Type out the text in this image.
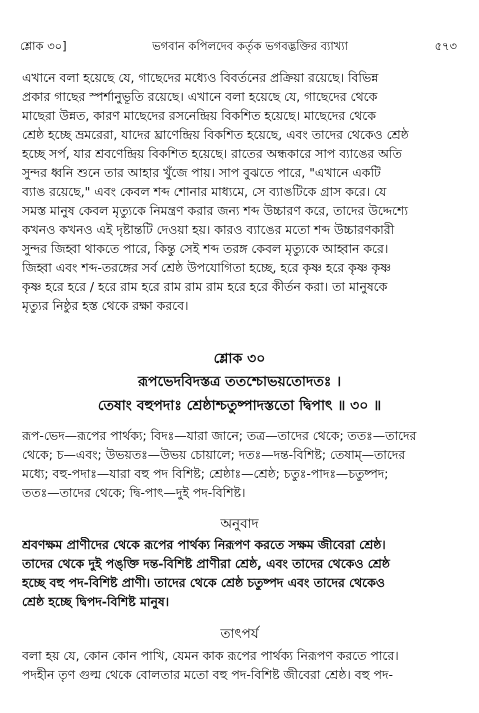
শ্লোক ৩০]	ভগবান কপিলদেব কর্তৃক ভগবদ্ভক্তির ব্যাখ্যা	৫৭৩
এখানে বলা হয়েছে যে, গাছেদের মধ্যেও বিবর্তনের প্রক্রিয়া রয়েছে। বিভিন্ন
প্রকার গাছের স্পর্শানুভূতি রয়েছে। এখানে বলা হয়েছে যে, গাছেদের থেকে
মাছেরা উন্নত, কারণ মাছেদের রসনেন্দ্রিয় বিকশিত হয়েছে। মাছেদের থেকে
শ্রেষ্ঠ হচ্ছে ভ্রমরেরা, যাদের ঘ্রাণেন্দ্রিয় বিকশিত হয়েছে, এবং তাদের থেকেও শ্রেষ্ঠ
হচ্ছে সর্প, যার শ্রবণেন্দ্রিয় বিকশিত হয়েছে। রাতের অন্ধকারে সাপ ব্যাঙের অতি
সুন্দর ধ্বনি শুনে তার আহার খুঁজে পায়। সাপ বুঝতে পারে, "এখানে একটি
ব্যাঙ রয়েছে," এবং কেবল শব্দ শোনার মাধ্যমে, সে ব্যাঙটিকে গ্রাস করে। যে
সমস্ত মানুষ কেবল মৃত্যুকে নিমন্ত্রণ করার জন্য শব্দ উচ্চারণ করে, তাদের উদ্দেশ্যে
কখনও কখনও এই দৃষ্টান্তটি দেওয়া হয়। কারও ব্যাঙের মতো শব্দ উচ্চারণকারী
সুন্দর জিহ্বা থাকতে পারে, কিন্তু সেই শব্দ তরঙ্গ কেবল মৃত্যুকে আহ্বান করে।
জিহ্বা এবং শব্দ-তরঙ্গের সর্ব শ্রেষ্ঠ উপযোগিতা হচ্ছে, হরে কৃষ্ণ হরে কৃষ্ণ কৃষ্ণ
কৃষ্ণ হরে হরে / হরে রাম হরে রাম রাম রাম হরে হরে কীর্তন করা। তা মানুষকে
মৃত্যুর নিষ্ঠুর হস্ত থেকে রক্ষা করবে।
শ্লোক ৩০
রূপভেদবিদস্তত্র ততশ্চোভয়তোদতঃ ।
তেষাং বহুপদাঃ শ্রেষ্ঠাশ্চতুষ্পাদস্ততো দ্বিপাৎ ॥ ৩০ ॥
রূপ-ভেদ—রূপের পার্থক্য; বিদঃ—যারা জানে; তত্র—তাদের থেকে; ততঃ—তাদের
থেকে; চ—এবং; উভয়তঃ—উভয় চোয়ালে; দতঃ—দন্ত-বিশিষ্ট; তেষাম্—তাদের
মধ্যে; বহু-পদাঃ—যারা বহু পদ বিশিষ্ট; শ্রেষ্ঠাঃ—শ্রেষ্ঠ; চতুঃ-পাদঃ—চতুষ্পদ;
ততঃ—তাদের থেকে; দ্বি-পাৎ—দুই পদ-বিশিষ্ট।
অনুবাদ
শ্রবণক্ষম প্রাণীদের থেকে রূপের পার্থক্য নিরূপণ করতে সক্ষম জীবেরা শ্রেষ্ঠ।
তাদের থেকে দুই পঙ্‌ক্তি দন্ত-বিশিষ্ট প্রাণীরা শ্রেষ্ঠ, এবং তাদের থেকেও শ্রেষ্ঠ
হচ্ছে বহু পদ-বিশিষ্ট প্রাণী। তাদের থেকে শ্রেষ্ঠ চতুষ্পদ এবং তাদের থেকেও
শ্রেষ্ঠ হচ্ছে দ্বিপদ-বিশিষ্ট মানুষ।
তাৎপর্য
বলা হয় যে, কোন কোন পাখি, যেমন কাক রূপের পার্থক্য নিরূপণ করতে পারে।
পদহীন তৃণ গুল্ম থেকে বোলতার মতো বহু পদ-বিশিষ্ট জীবেরা শ্রেষ্ঠ। বহু পদ-
